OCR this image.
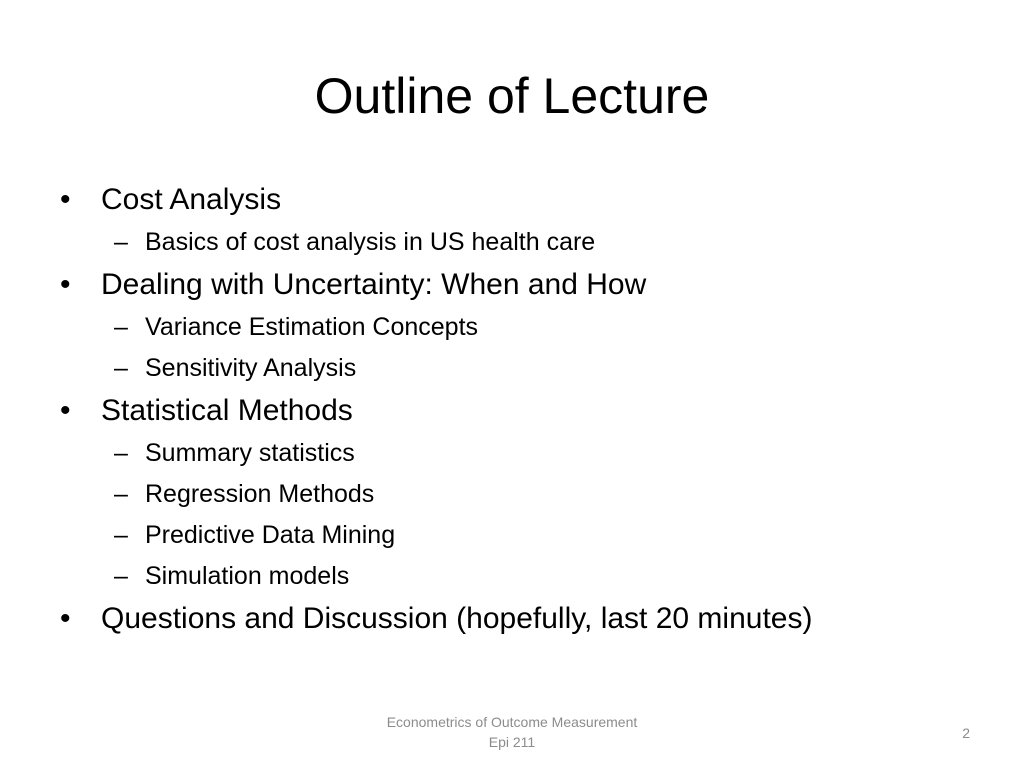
Outline of Lecture
• Cost Analysis
– Basics of cost analysis in US health care
• Dealing with Uncertainty: When and How
– Variance Estimation Concepts
– Sensitivity Analysis
• Statistical Methods
– Summary statistics
– Regression Methods
– Predictive Data Mining
– Simulation models
• Questions and Discussion (hopefully, last 20 minutes)
Econometrics of Outcome Measurement
Epi 211
2
